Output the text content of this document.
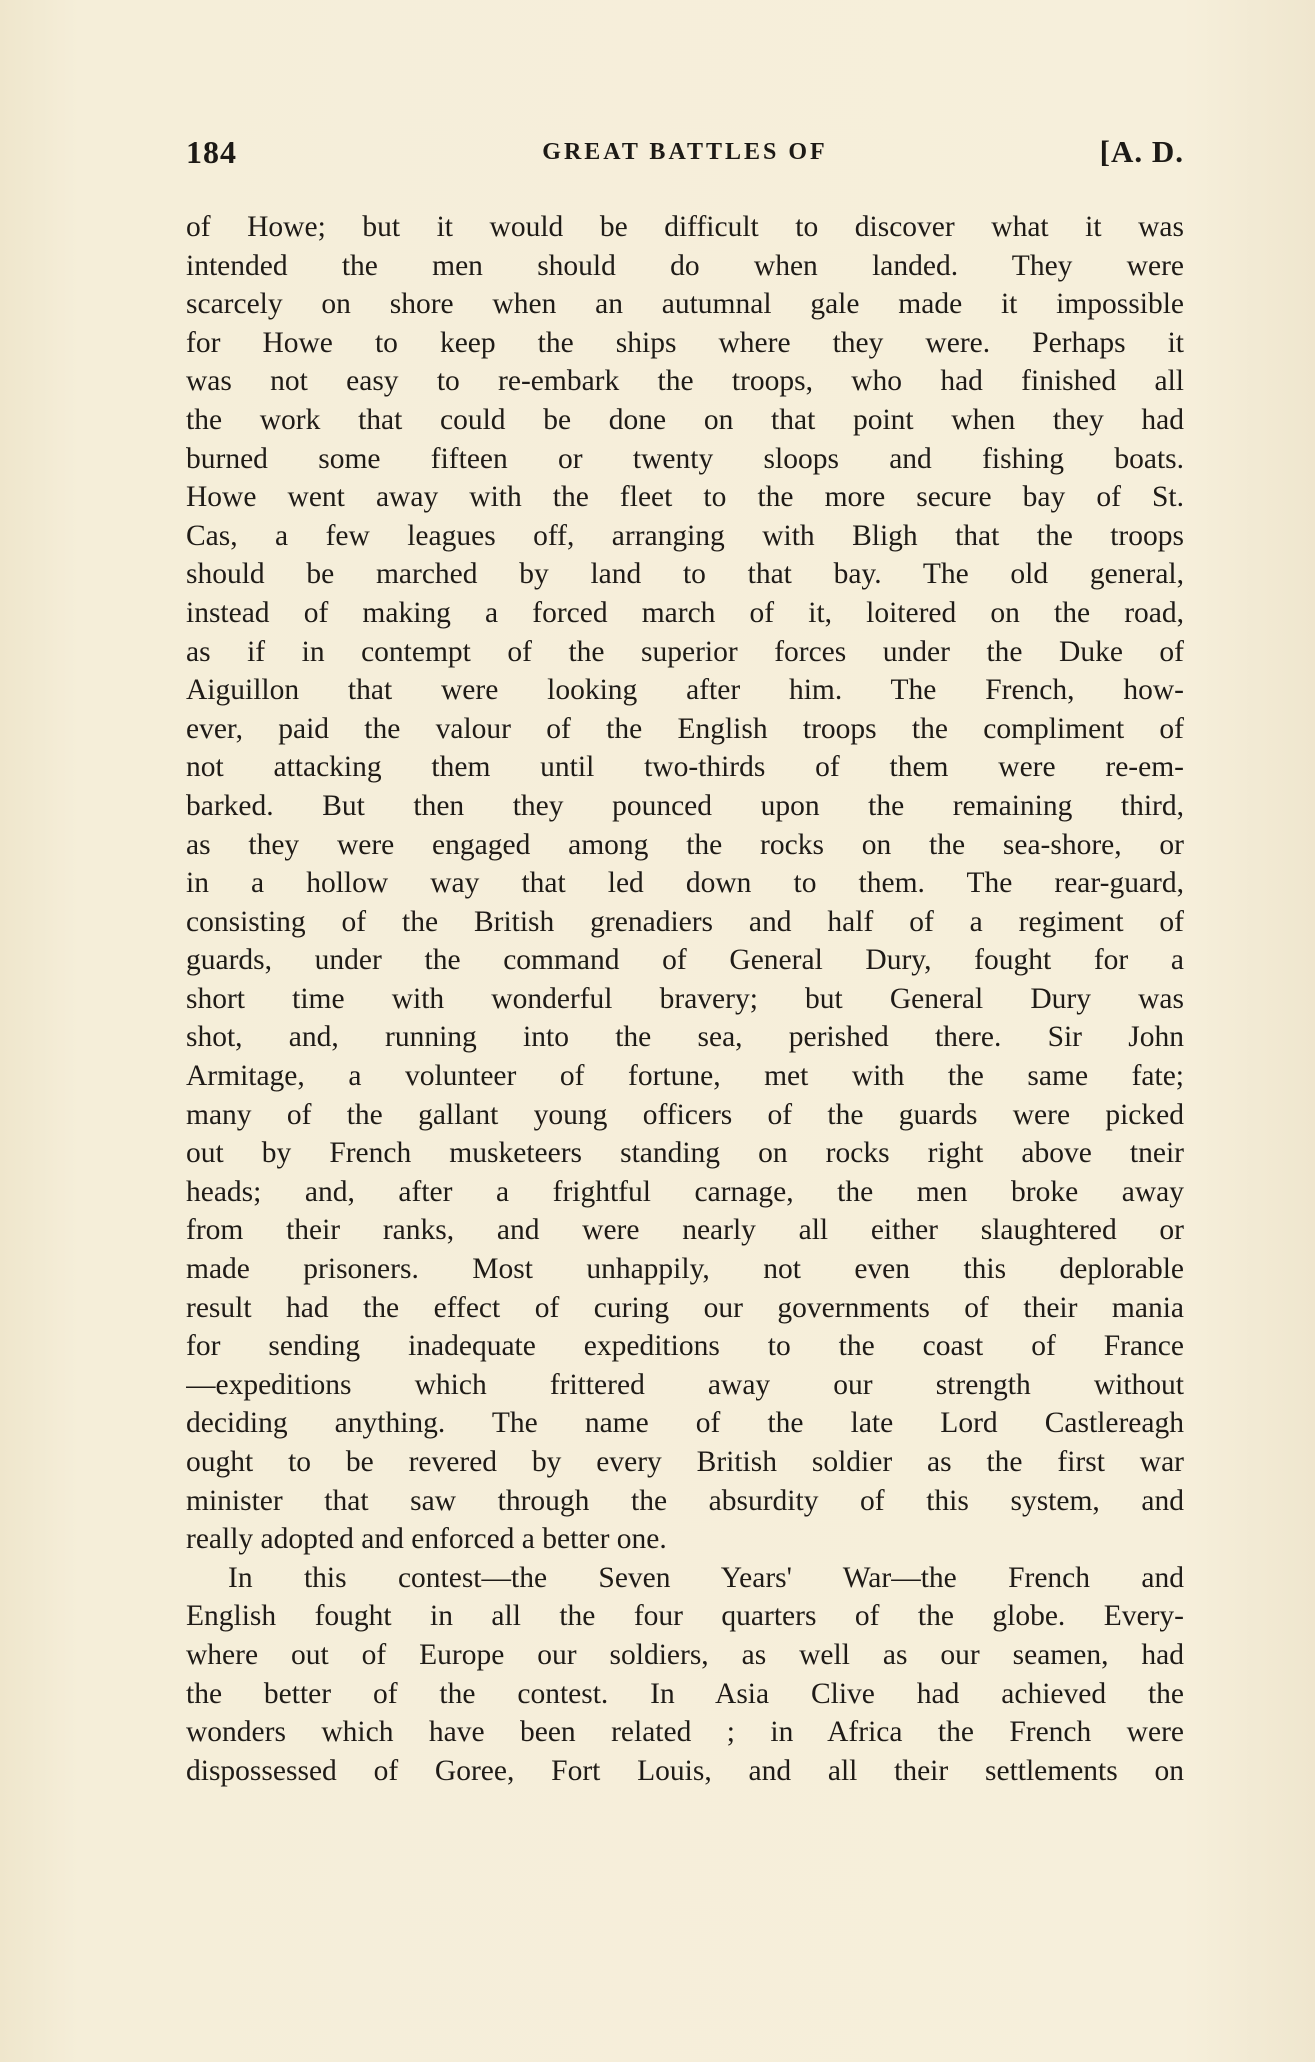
184	GREAT BATTLES OF	[A. D.
of Howe; but it would be difficult to discover what it was
intended the men should do when landed. They were
scarcely on shore when an autumnal gale made it impossible
for Howe to keep the ships where they were. Perhaps it
was not easy to re-embark the troops, who had finished all
the work that could be done on that point when they had
burned some fifteen or twenty sloops and fishing boats.
Howe went away with the fleet to the more secure bay of St.
Cas, a few leagues off, arranging with Bligh that the troops
should be marched by land to that bay. The old general,
instead of making a forced march of it, loitered on the road,
as if in contempt of the superior forces under the Duke of
Aiguillon that were looking after him. The French, how-
ever, paid the valour of the English troops the compliment of
not attacking them until two-thirds of them were re-em-
barked. But then they pounced upon the remaining third,
as they were engaged among the rocks on the sea-shore, or
in a hollow way that led down to them. The rear-guard,
consisting of the British grenadiers and half of a regiment of
guards, under the command of General Dury, fought for a
short time with wonderful bravery; but General Dury was
shot, and, running into the sea, perished there. Sir John
Armitage, a volunteer of fortune, met with the same fate;
many of the gallant young officers of the guards were picked
out by French musketeers standing on rocks right above tneir
heads; and, after a frightful carnage, the men broke away
from their ranks, and were nearly all either slaughtered or
made prisoners. Most unhappily, not even this deplorable
result had the effect of curing our governments of their mania
for sending inadequate expeditions to the coast of France
—expeditions which frittered away our strength without
deciding anything. The name of the late Lord Castlereagh
ought to be revered by every British soldier as the first war
minister that saw through the absurdity of this system, and
really adopted and enforced a better one.
In this contest—the Seven Years' War—the French and
English fought in all the four quarters of the globe. Every-
where out of Europe our soldiers, as well as our seamen, had
the better of the contest. In Asia Clive had achieved the
wonders which have been related ; in Africa the French were
dispossessed of Goree, Fort Louis, and all their settlements on
